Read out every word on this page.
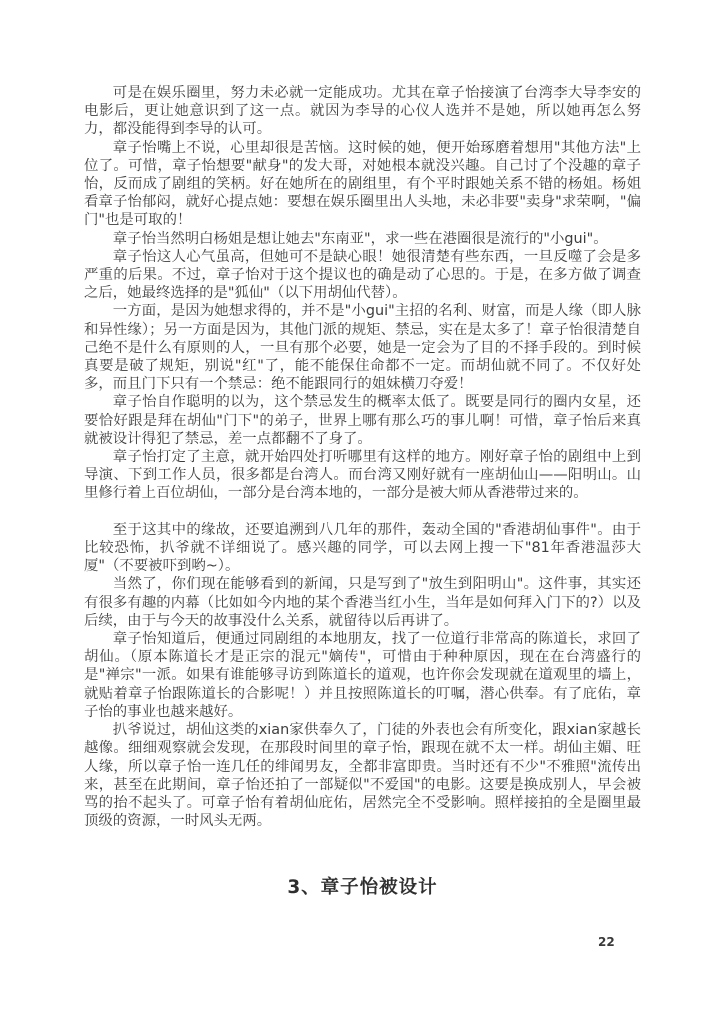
可是在娱乐圈里，努力未必就一定能成功。尤其在章子怡接演了台湾李大导李安的电影后，更让她意识到了这一点。就因为李导的心仪人选并不是她，所以她再怎么努力，都没能得到李导的认可。

章子怡嘴上不说，心里却很是苦恼。这时候的她，便开始琢磨着想用"其他方法"上位了。可惜，章子怡想要"献身"的发大哥，对她根本就没兴趣。自己讨了个没趣的章子怡，反而成了剧组的笑柄。好在她所在的剧组里，有个平时跟她关系不错的杨姐。杨姐看章子怡郁闷，就好心提点她：要想在娱乐圈里出人头地，未必非要"卖身"求荣啊，"偏门"也是可取的！

章子怡当然明白杨姐是想让她去"东南亚"，求一些在港圈很是流行的"小gui"。

章子怡这人心气虽高，但她可不是缺心眼！她很清楚有些东西，一旦反噬了会是多严重的后果。不过，章子怡对于这个提议也的确是动了心思的。于是，在多方做了调查之后，她最终选择的是"狐仙"（以下用胡仙代替）。

一方面，是因为她想求得的，并不是"小gui"主招的名利、财富，而是人缘（即人脉和异性缘）；另一方面是因为，其他门派的规矩、禁忌，实在是太多了！章子怡很清楚自己绝不是什么有原则的人，一旦有那个必要，她是一定会为了目的不择手段的。到时候真要是破了规矩，别说"红"了，能不能保住命都不一定。而胡仙就不同了。不仅好处多，而且门下只有一个禁忌：绝不能跟同行的姐妹横刀夺爱！

章子怡自作聪明的以为，这个禁忌发生的概率太低了。既要是同行的圈内女星，还要恰好跟是拜在胡仙"门下"的弟子，世界上哪有那么巧的事儿啊！可惜，章子怡后来真就被设计得犯了禁忌，差一点都翻不了身了。

章子怡打定了主意，就开始四处打听哪里有这样的地方。刚好章子怡的剧组中上到导演、下到工作人员，很多都是台湾人。而台湾又刚好就有一座胡仙山——阳明山。山里修行着上百位胡仙，一部分是台湾本地的，一部分是被大师从香港带过来的。

至于这其中的缘故，还要追溯到八几年的那件，轰动全国的"香港胡仙事件"。由于比较恐怖，扒爷就不详细说了。感兴趣的同学，可以去网上搜一下"81年香港温莎大厦"（不要被吓到哟~）。

当然了，你们现在能够看到的新闻，只是写到了"放生到阳明山"。这件事，其实还有很多有趣的内幕（比如如今内地的某个香港当红小生，当年是如何拜入门下的?）以及后续，由于与今天的故事没什么关系，就留待以后再讲了。

章子怡知道后，便通过同剧组的本地朋友，找了一位道行非常高的陈道长，求回了胡仙。（原本陈道长才是正宗的混元"嫡传"，可惜由于种种原因，现在在台湾盛行的是"禅宗"一派。如果有谁能够寻访到陈道长的道观，也许你会发现就在道观里的墙上，就贴着章子怡跟陈道长的合影呢！）并且按照陈道长的叮嘱，潜心供奉。有了庇佑，章子怡的事业也越来越好。

扒爷说过，胡仙这类的xian家供奉久了，门徒的外表也会有所变化，跟xian家越长越像。细细观察就会发现，在那段时间里的章子怡，跟现在就不太一样。胡仙主媚、旺人缘，所以章子怡一连几任的绯闻男友，全都非富即贵。当时还有不少"不雅照"流传出来，甚至在此期间，章子怡还拍了一部疑似"不爱国"的电影。这要是换成别人，早会被骂的抬不起头了。可章子怡有着胡仙庇佑，居然完全不受影响。照样接拍的全是圈里最顶级的资源，一时风头无两。

3、章子怡被设计
22
